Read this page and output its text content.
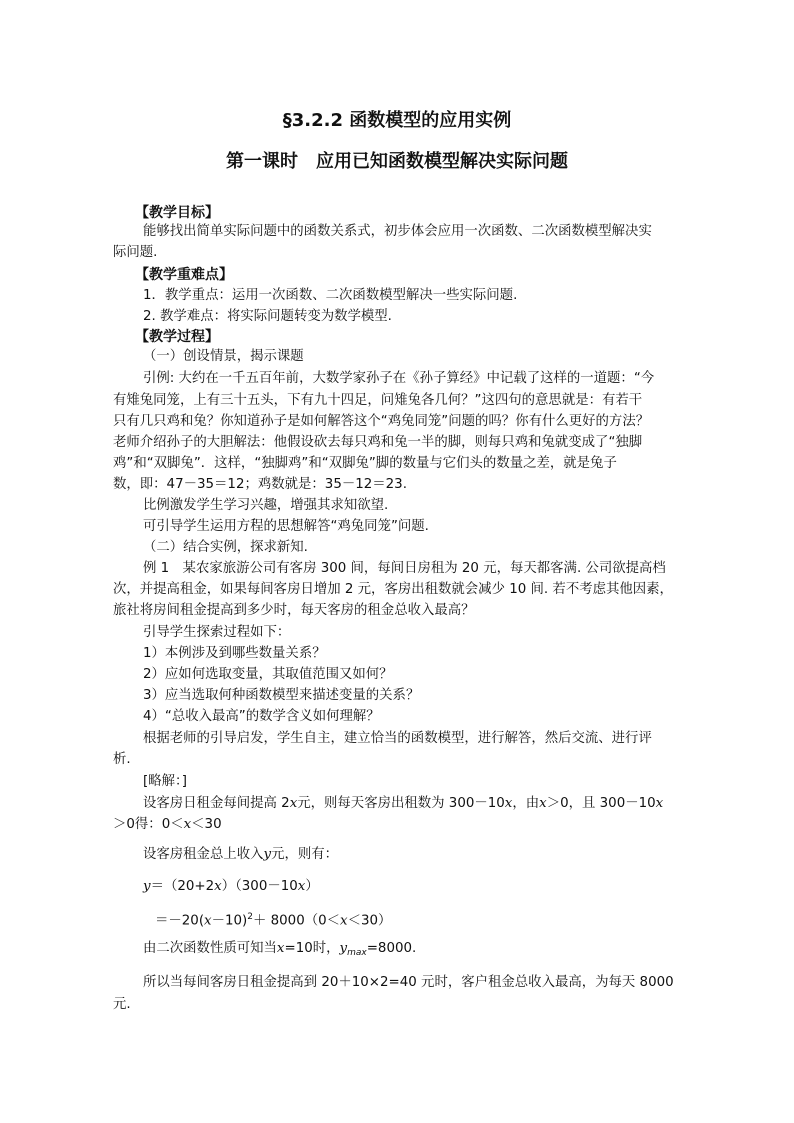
§3.2.2 函数模型的应用实例
第一课时　应用已知函数模型解决实际问题
【教学目标】
能够找出简单实际问题中的函数关系式，初步体会应用一次函数、二次函数模型解决实
际问题.
【教学重难点】
1．教学重点：运用一次函数、二次函数模型解决一些实际问题.
2. 教学难点：将实际问题转变为数学模型.
【教学过程】
（一）创设情景，揭示课题
引例: 大约在一千五百年前，大数学家孙子在《孙子算经》中记载了这样的一道题：“今
有雉兔同笼，上有三十五头，下有九十四足，问雉兔各几何？”这四句的意思就是：有若干
只有几只鸡和兔？你知道孙子是如何解答这个“鸡兔同笼”问题的吗？你有什么更好的方法？
老师介绍孙子的大胆解法：他假设砍去每只鸡和兔一半的脚，则每只鸡和兔就变成了“独脚
鸡”和“双脚兔”．这样，“独脚鸡”和“双脚兔”脚的数量与它们头的数量之差，就是兔子
数，即：47－35＝12；鸡数就是：35－12＝23.
比例激发学生学习兴趣，增强其求知欲望.
可引导学生运用方程的思想解答“鸡兔同笼”问题.
（二）结合实例，探求新知.
例 1　某农家旅游公司有客房 300 间，每间日房租为 20 元，每天都客满. 公司欲提高档
次，并提高租金，如果每间客房日增加 2 元，客房出租数就会减少 10 间. 若不考虑其他因素，
旅社将房间租金提高到多少时，每天客房的租金总收入最高？
引导学生探索过程如下：
1）本例涉及到哪些数量关系？
2）应如何选取变量，其取值范围又如何？
3）应当选取何种函数模型来描述变量的关系？
4）“总收入最高”的数学含义如何理解？
根据老师的引导启发，学生自主，建立恰当的函数模型，进行解答，然后交流、进行评
析.
[略解：]
设客房日租金每间提高 2x元，则每天客房出租数为 300－10x，由x＞0，且 300－10x
＞0得：0＜x＜30
设客房租金总上收入y元，则有：
y＝（20+2x）（300－10x）
$=-20(x-10)^2+ 8000(0<x<30)$
由二次函数性质可知当x=10时，$y_{max}=8000$.
所以当每间客房日租金提高到 20＋10×2=40 元时，客户租金总收入最高，为每天 8000
元.
